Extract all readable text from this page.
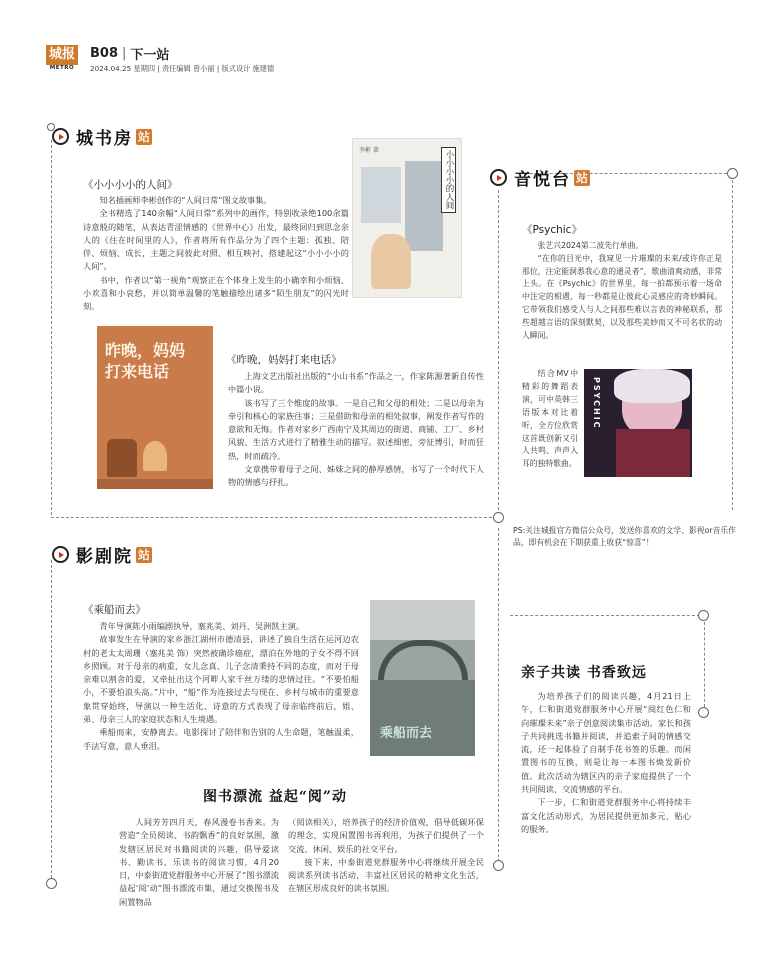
城报
METRO
B08 | 下一站
2024.04.25 星期四 | 责任编辑 曾小丽 | 版式设计 施建德
城书房 站
音悦台 站
影剧院 站
《小小小小的人间》

知名插画师李彬创作的“人间日常”图文故事集。

全书精选了140余幅“人间日常”系列中的画作，特别收录绝100余篇诗意般的随笔，从表达青涩情感的《世界中心》出发，最终回归到思念亲人的《住在时间里的人》，作者将所有作品分为了四个主题：孤独、陪伴、烦恼、成长，主题之间彼此对照、相互映衬，搭建起这“小小小小的人间”。

书中，作者以“第一视角”观察正在个体身上发生的小确幸和小烦恼、小欢喜和小哀愁，并以简单温馨的笔触描绘出诸多“陌生朋友”的闪光时刻。

李彬 著	小小小小的人间
昨晚，妈妈打来电话
《昨晚，妈妈打来电话》

上海文艺出版社出版的“小山书系”作品之一，作家陈源著新自传性中篇小说。

该书写了三个维度的故事。一是自己和父母的相处；二是以母亲为牵引和核心的家族往事；三是借助和母亲的相处叙事，阐发作者写作的意欲和无悔。作者对家乡广西南宁及其周边的街道、商铺、工厂、乡村风貌、生活方式进行了精雅生动的描写。叙述细密，旁征博引，时而狂热，时而疏冷。

文章携带着母子之间、姊妹之间的静厚感情，书写了一个时代下人物的情感与抒扎。

《Psychic》

张艺兴2024第二波先行单曲。

“在你的目光中，我窥见一片璀璨的未来/或许你正是那位，注定能洞悉我心意的通灵者”，歌曲清爽动感，非常上头。在《Psychic》的世界里，每一拍都预示着一场命中注定的相遇，每一秒都是让彼此心灵感应的奇妙瞬间。它带领我们感受人与人之间那些难以言表的神秘联系，那些超越言语的深刻默契，以及那些美妙而又不可名状的动人瞬间。

结合MV中精彩的舞蹈表演，可中英韩三语版本对比着听，全方位欣赏这首既创新又引人共鸣、声声入耳的独特歌曲。

PSYCHIC
PS:关注城报官方微信公众号，发送你喜欢的文学、影视or音乐作品，即有机会在下期获重上收获“惊喜”！
《乘船而去》

青年导演陈小雨编剧执导，塞兆美、刘丹、吴洲凯主演。

故事发生在导演的家乡浙江湖州市德清县，讲述了独自生活在运河边农村的老太太周珊（塞兆美 饰）突然被确诊癌症，漂泊在外地的子女不得不回乡照顾。对于母亲的病重，女儿念真、儿子念清秉持不同的态度，而对于母亲难以割舍的爱，又牵扯出这个河畔人家千丝万缕的悲情过往。“不要怕船小，不要怕浪头高。”片中，“船”作为连接过去与现在、乡村与城市的重要意象贯穿始终，导演以一种生活化、诗意的方式表现了母亲临终前后，姐、弟、母亲三人的家庭状态和人生境遇。

乘船而来，安静离去。电影探讨了陪伴和告别的人生命题，笔触温柔，手法写意，意人垂泪。

乘船而去
图书漂流 益起“阅”动

人间芳芳四月天，春风漫卷书香来。为营造“全员阅读、书韵飘香”的良好氛围，激发辖区居民对书籍阅读的兴趣，倡导爱读书、勤读书、乐读书的阅读习惯，4月20日，中泰街道党群服务中心开展了“图书漂流 益起‘阅’动”图书漂流市集，通过交换图书及闲置物品

（阅读相关），培养孩子的经济价值观，倡导低碳环保的理念，实现闲置图书再利用，为孩子们提供了一个交流、休闲、娱乐的社交平台。

接下来，中泰街道党群服务中心将继续开展全民阅读系列读书活动，丰富社区居民的精神文化生活，在辖区形成良好的读书氛围。

亲子共读 书香致远

为培养孩子们的阅读兴趣，4月21日上午，仁和街道党群服务中心开展“阅红色仁和 向璀璨未来”亲子创意阅读集市活动。家长和孩子共同挑选书籍并阅读，并追索子间的情感交流，还一起体验了自制手花书签的乐趣。而闲置图书的互换，则是让每一本图书焕发新价值。此次活动为辖区内的亲子家庭提供了一个共同阅读、交流情感的平台。

下一步，仁和街道党群服务中心将持续丰富文化活动形式，为居民提供更加多元、贴心的服务。
